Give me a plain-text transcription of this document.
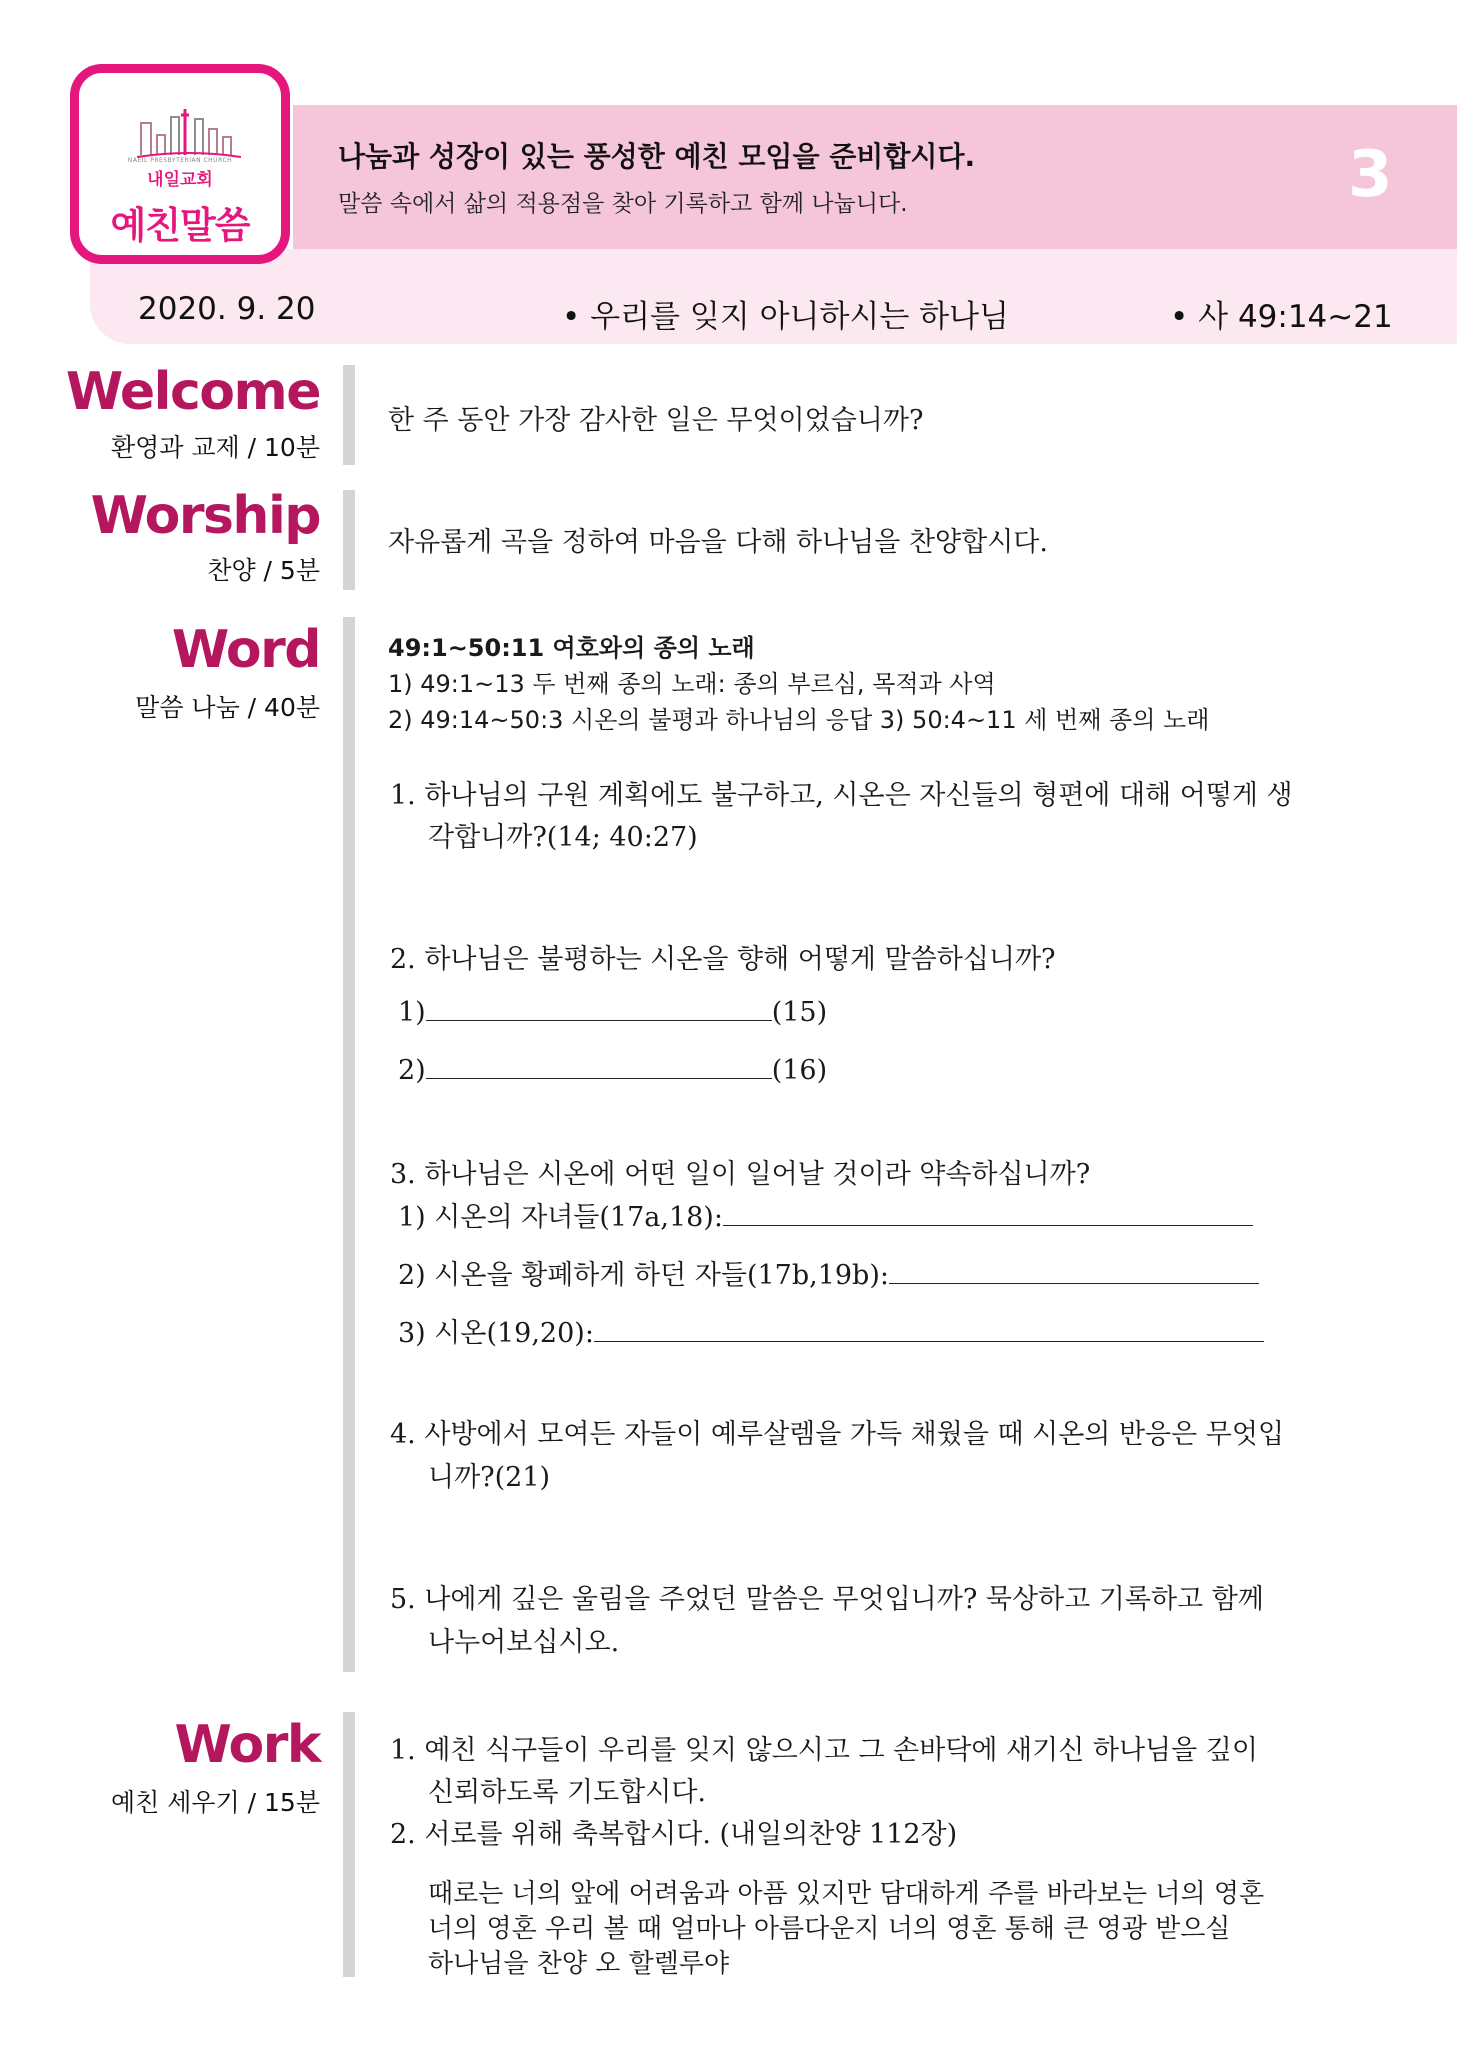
NAEIL PRESBYTERIAN CHURCH
내일교회
예친말씀
나눔과 성장이 있는 풍성한 예친 모임을 준비합시다.
말씀 속에서 삶의 적용점을 찾아 기록하고 함께 나눕니다.	3
2020. 9. 20	• 우리를 잊지 아니하시는 하나님	• 사 49:14~21
Welcome
환영과 교제 / 10분
한 주 동안 가장 감사한 일은 무엇이었습니까?
Worship
찬양 / 5분
자유롭게 곡을 정하여 마음을 다해 하나님을 찬양합시다.
Word
말씀 나눔 / 40분
49:1~50:11 여호와의 종의 노래
1) 49:1~13 두 번째 종의 노래: 종의 부르심, 목적과 사역
2) 49:14~50:3 시온의 불평과 하나님의 응답 3) 50:4~11 세 번째 종의 노래
1. 하나님의 구원 계획에도 불구하고, 시온은 자신들의 형편에 대해 어떻게 생
각합니까?(14; 40:27)
2. 하나님은 불평하는 시온을 향해 어떻게 말씀하십니까?
1)	(15)
2)	(16)
3. 하나님은 시온에 어떤 일이 일어날 것이라 약속하십니까?
1) 시온의 자녀들(17a,18):
2) 시온을 황폐하게 하던 자들(17b,19b):
3) 시온(19,20):
4. 사방에서 모여든 자들이 예루살렘을 가득 채웠을 때 시온의 반응은 무엇입
니까?(21)
5. 나에게 깊은 울림을 주었던 말씀은 무엇입니까? 묵상하고 기록하고 함께
나누어보십시오.
Work
예친 세우기 / 15분
1. 예친 식구들이 우리를 잊지 않으시고 그 손바닥에 새기신 하나님을 깊이
신뢰하도록 기도합시다.
2. 서로를 위해 축복합시다. (내일의찬양 112장)
때로는 너의 앞에 어려움과 아픔 있지만 담대하게 주를 바라보는 너의 영혼
너의 영혼 우리 볼 때 얼마나 아름다운지 너의 영혼 통해 큰 영광 받으실
하나님을 찬양 오 할렐루야
